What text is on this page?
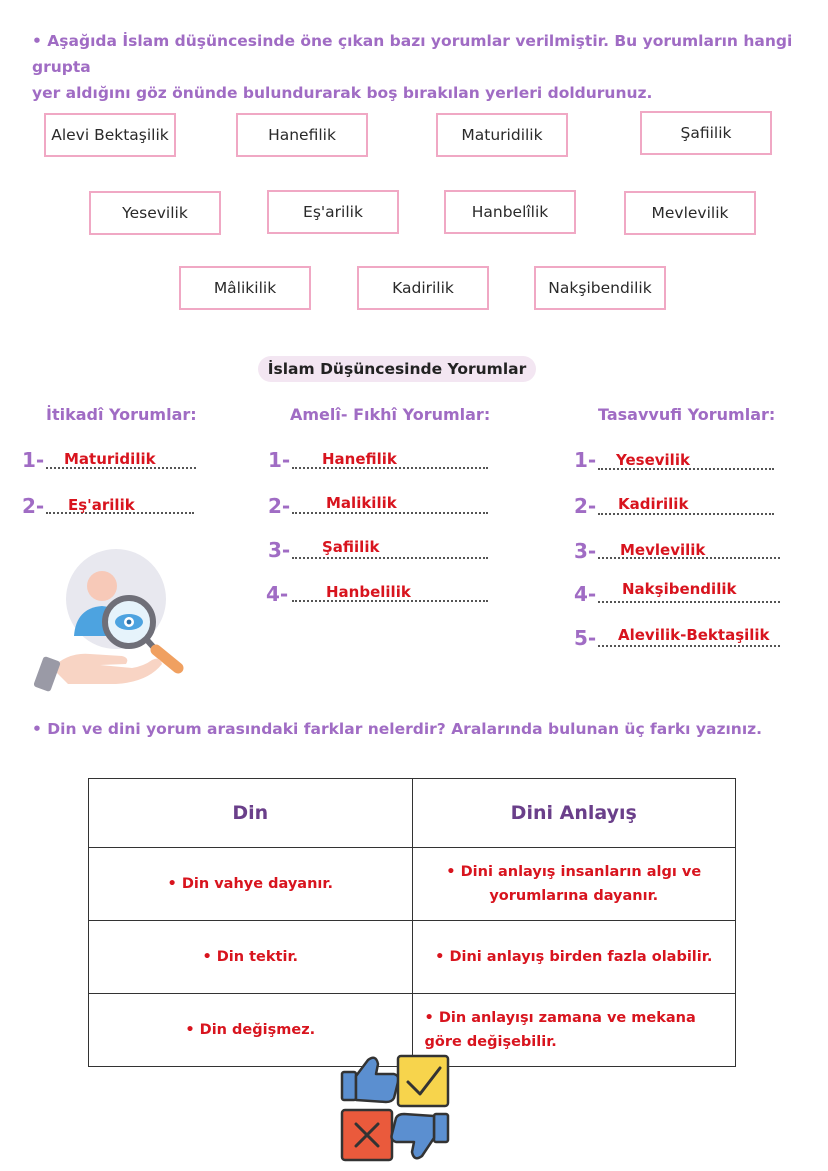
• Aşağıda İslam düşüncesinde öne çıkan bazı yorumlar verilmiştir. Bu yorumların hangi grupta
yer aldığını göz önünde bulundurarak boş bırakılan yerleri doldurunuz.
Alevi Bektaşilik	Hanefilik	Maturidilik	Şafiilik
Yesevilik	Eş'arilik	Hanbelîlik	Mevlevilik
Mâlikilik	Kadirilik	Nakşibendilik
İslam Düşüncesinde Yorumlar
İtikadî Yorumlar:	Amelî- Fıkhî Yorumlar:	Tasavvufi Yorumlar:
1- Maturidilik
2- Eş'arilik
1- Hanefilik
2- Malikilik
3- Şafiilik
4-	Hanbelilik
1- Yesevilik
2- Kadirilik
3- Mevlevilik
4- Nakşibendilik
5- Alevilik-Bektaşilik
• Din ve dini yorum arasındaki farklar nelerdir? Aralarında bulunan üç farkı yazınız.
Din	Dini Anlayış
• Din vahye dayanır.	• Dini anlayış insanların algı ve yorumlarına dayanır.
• Din tektir.	• Dini anlayış birden fazla olabilir.
• Din değişmez.	• Din anlayışı zamana ve mekana göre değişebilir.
